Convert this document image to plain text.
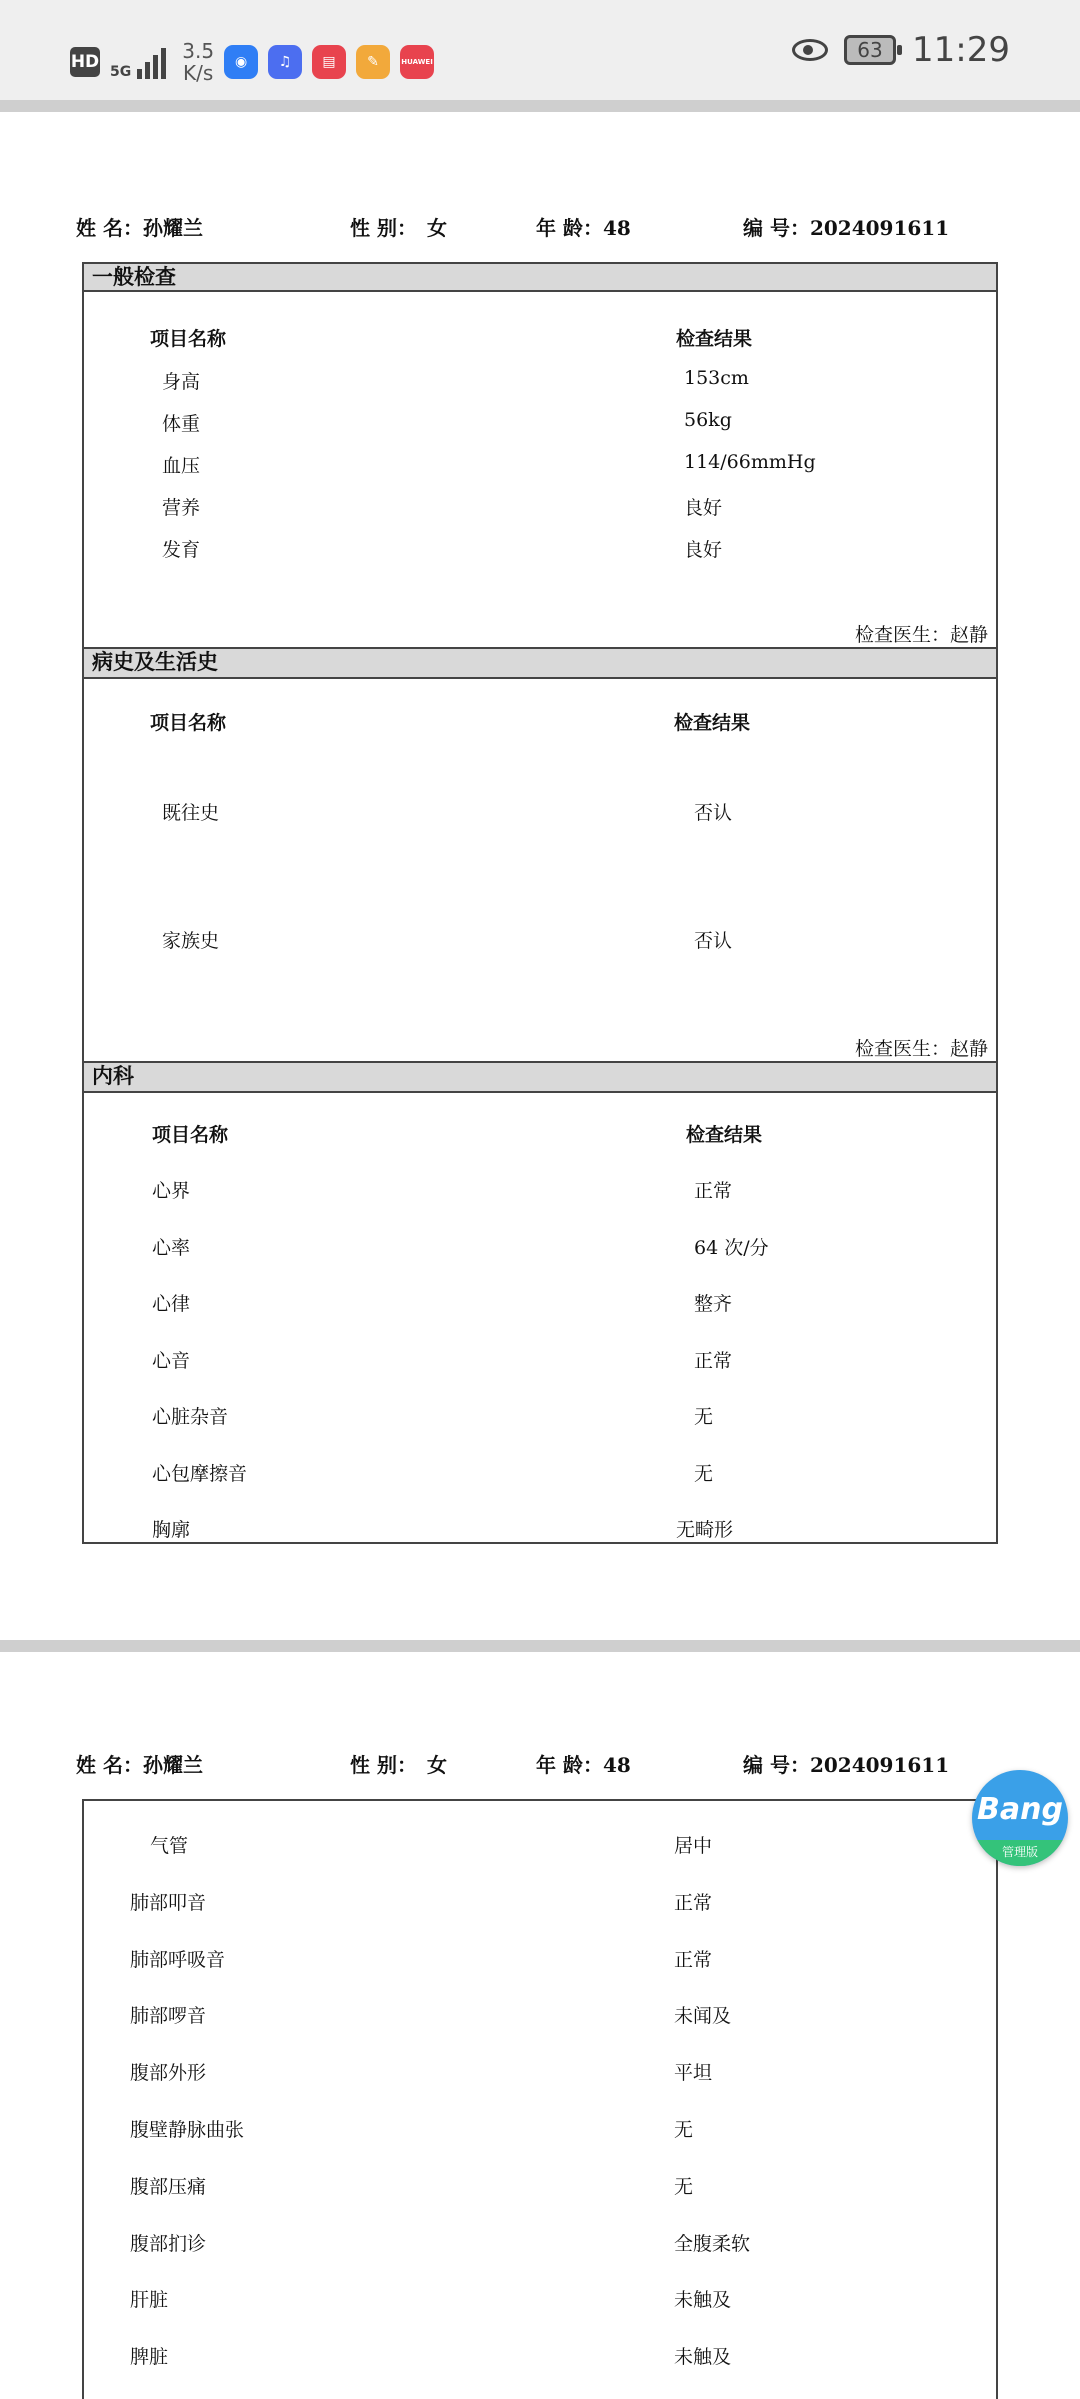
HD 5G
3.5
K/s	◉	♫	▤	✎	HUAWEI	63 11:29
姓 名：孙耀兰	性 别： 女	年 龄：48	编 号：2024091611
一般检查
项目名称	检查结果
身高	153cm
体重	56kg
血压	114/66mmHg
营养	良好
发育	良好
检查医生：赵静
病史及生活史
项目名称	检查结果
既往史	否认
家族史	否认
检查医生：赵静
内科
项目名称	检查结果
心界	正常
心率	64 次/分
心律	整齐
心音	正常
心脏杂音	无
心包摩擦音	无
胸廓	无畸形
姓 名：孙耀兰	性 别： 女	年 龄：48	编 号：2024091611
气管	居中
肺部叩音	正常
肺部呼吸音	正常
肺部啰音	未闻及
腹部外形	平坦
腹壁静脉曲张	无
腹部压痛	无
腹部扪诊	全腹柔软
肝脏	未触及
脾脏	未触及
Bang
管理版
